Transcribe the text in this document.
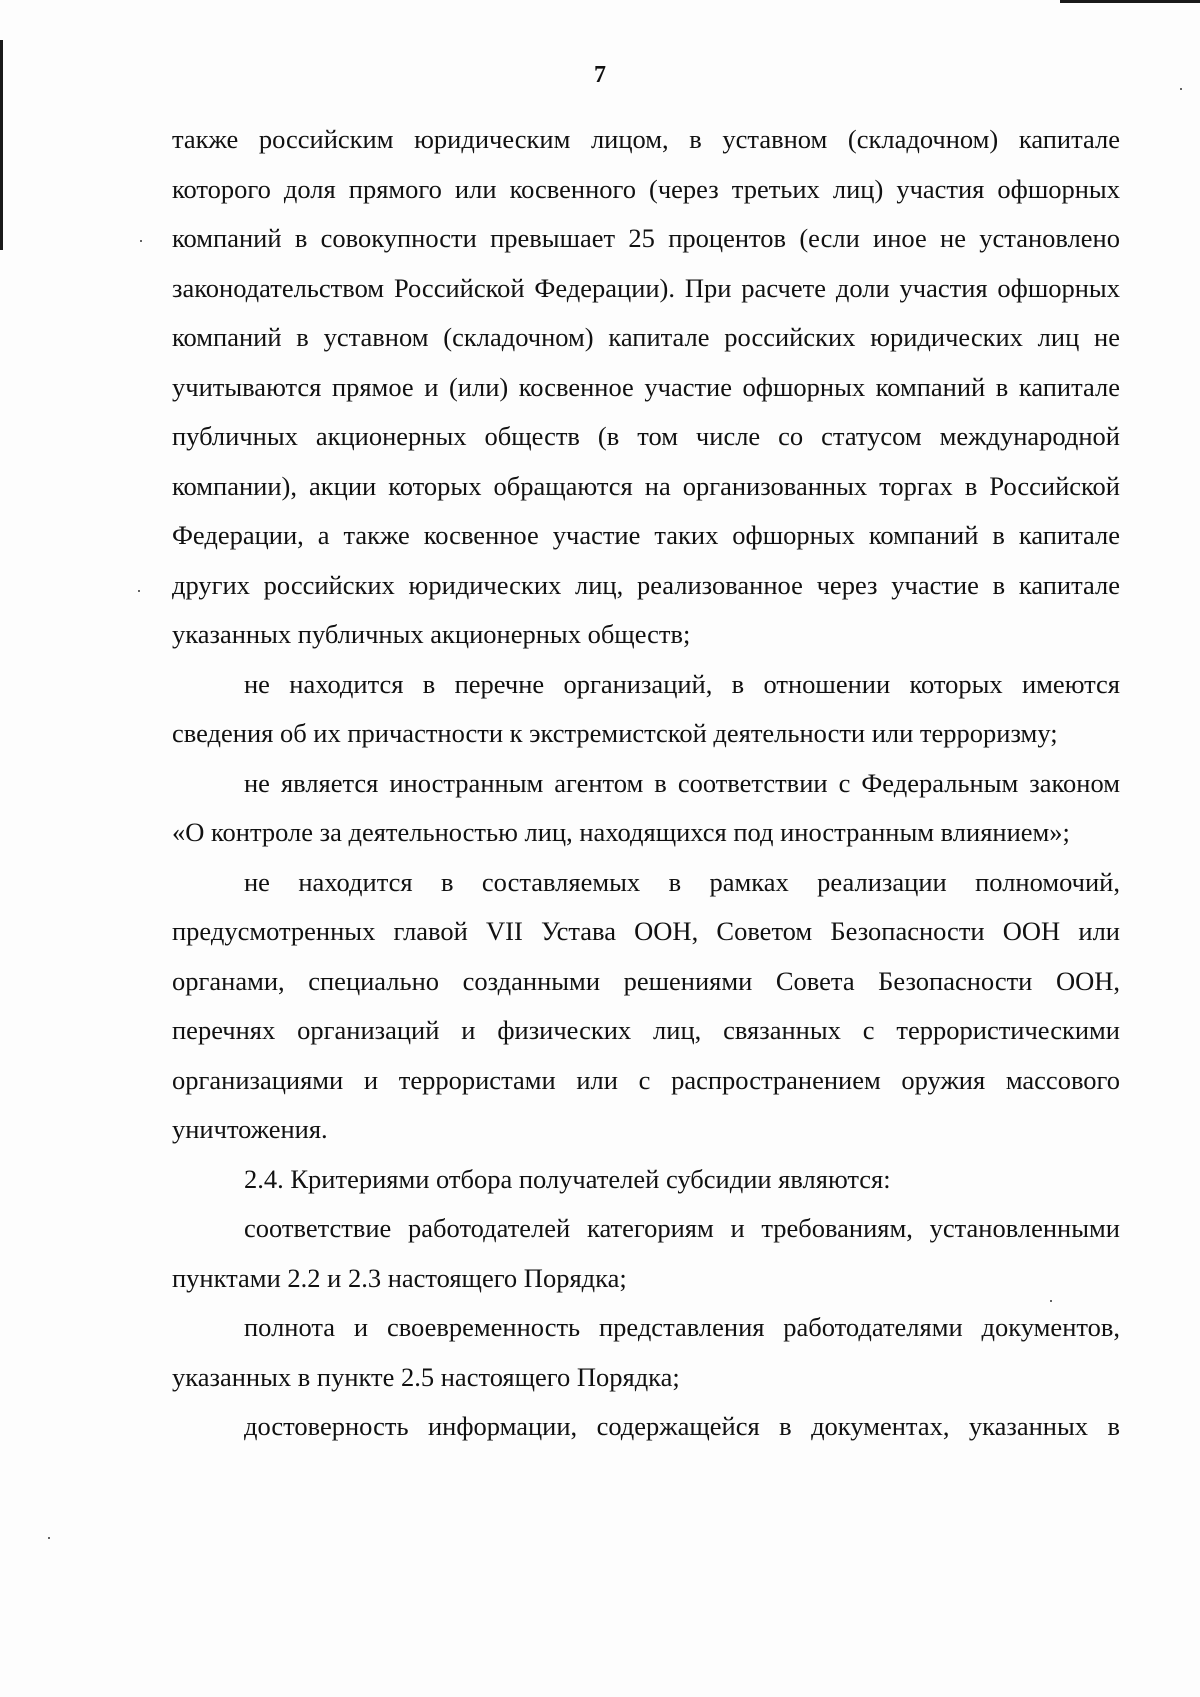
7

также российским юридическим лицом, в уставном (складочном) капитале которого доля прямого или косвенного (через третьих лиц) участия офшорных компаний в совокупности превышает 25 процентов (если иное не установлено законодательством Российской Федерации). При расчете доли участия офшорных компаний в уставном (складочном) капитале российских юридических лиц не учитываются прямое и (или) косвенное участие офшорных компаний в капитале публичных акционерных обществ (в том числе со статусом международной компании), акции которых обращаются на организованных торгах в Российской Федерации, а также косвенное участие таких офшорных компаний в капитале других российских юридических лиц, реализованное через участие в капитале указанных публичных акционерных обществ;

не находится в перечне организаций, в отношении которых имеются сведения об их причастности к экстремистской деятельности или терроризму;

не является иностранным агентом в соответствии с Федеральным законом «О контроле за деятельностью лиц, находящихся под иностранным влиянием»;

не находится в составляемых в рамках реализации полномочий, предусмотренных главой VII Устава ООН, Советом Безопасности ООН или органами, специально созданными решениями Совета Безопасности ООН, перечнях организаций и физических лиц, связанных с террористическими организациями и террористами или с распространением оружия массового уничтожения.

2.4. Критериями отбора получателей субсидии являются:

соответствие работодателей категориям и требованиям, установленными пунктами 2.2 и 2.3 настоящего Порядка;

полнота и своевременность представления работодателями документов, указанных в пункте 2.5 настоящего Порядка;

достоверность информации, содержащейся в документах, указанных в
